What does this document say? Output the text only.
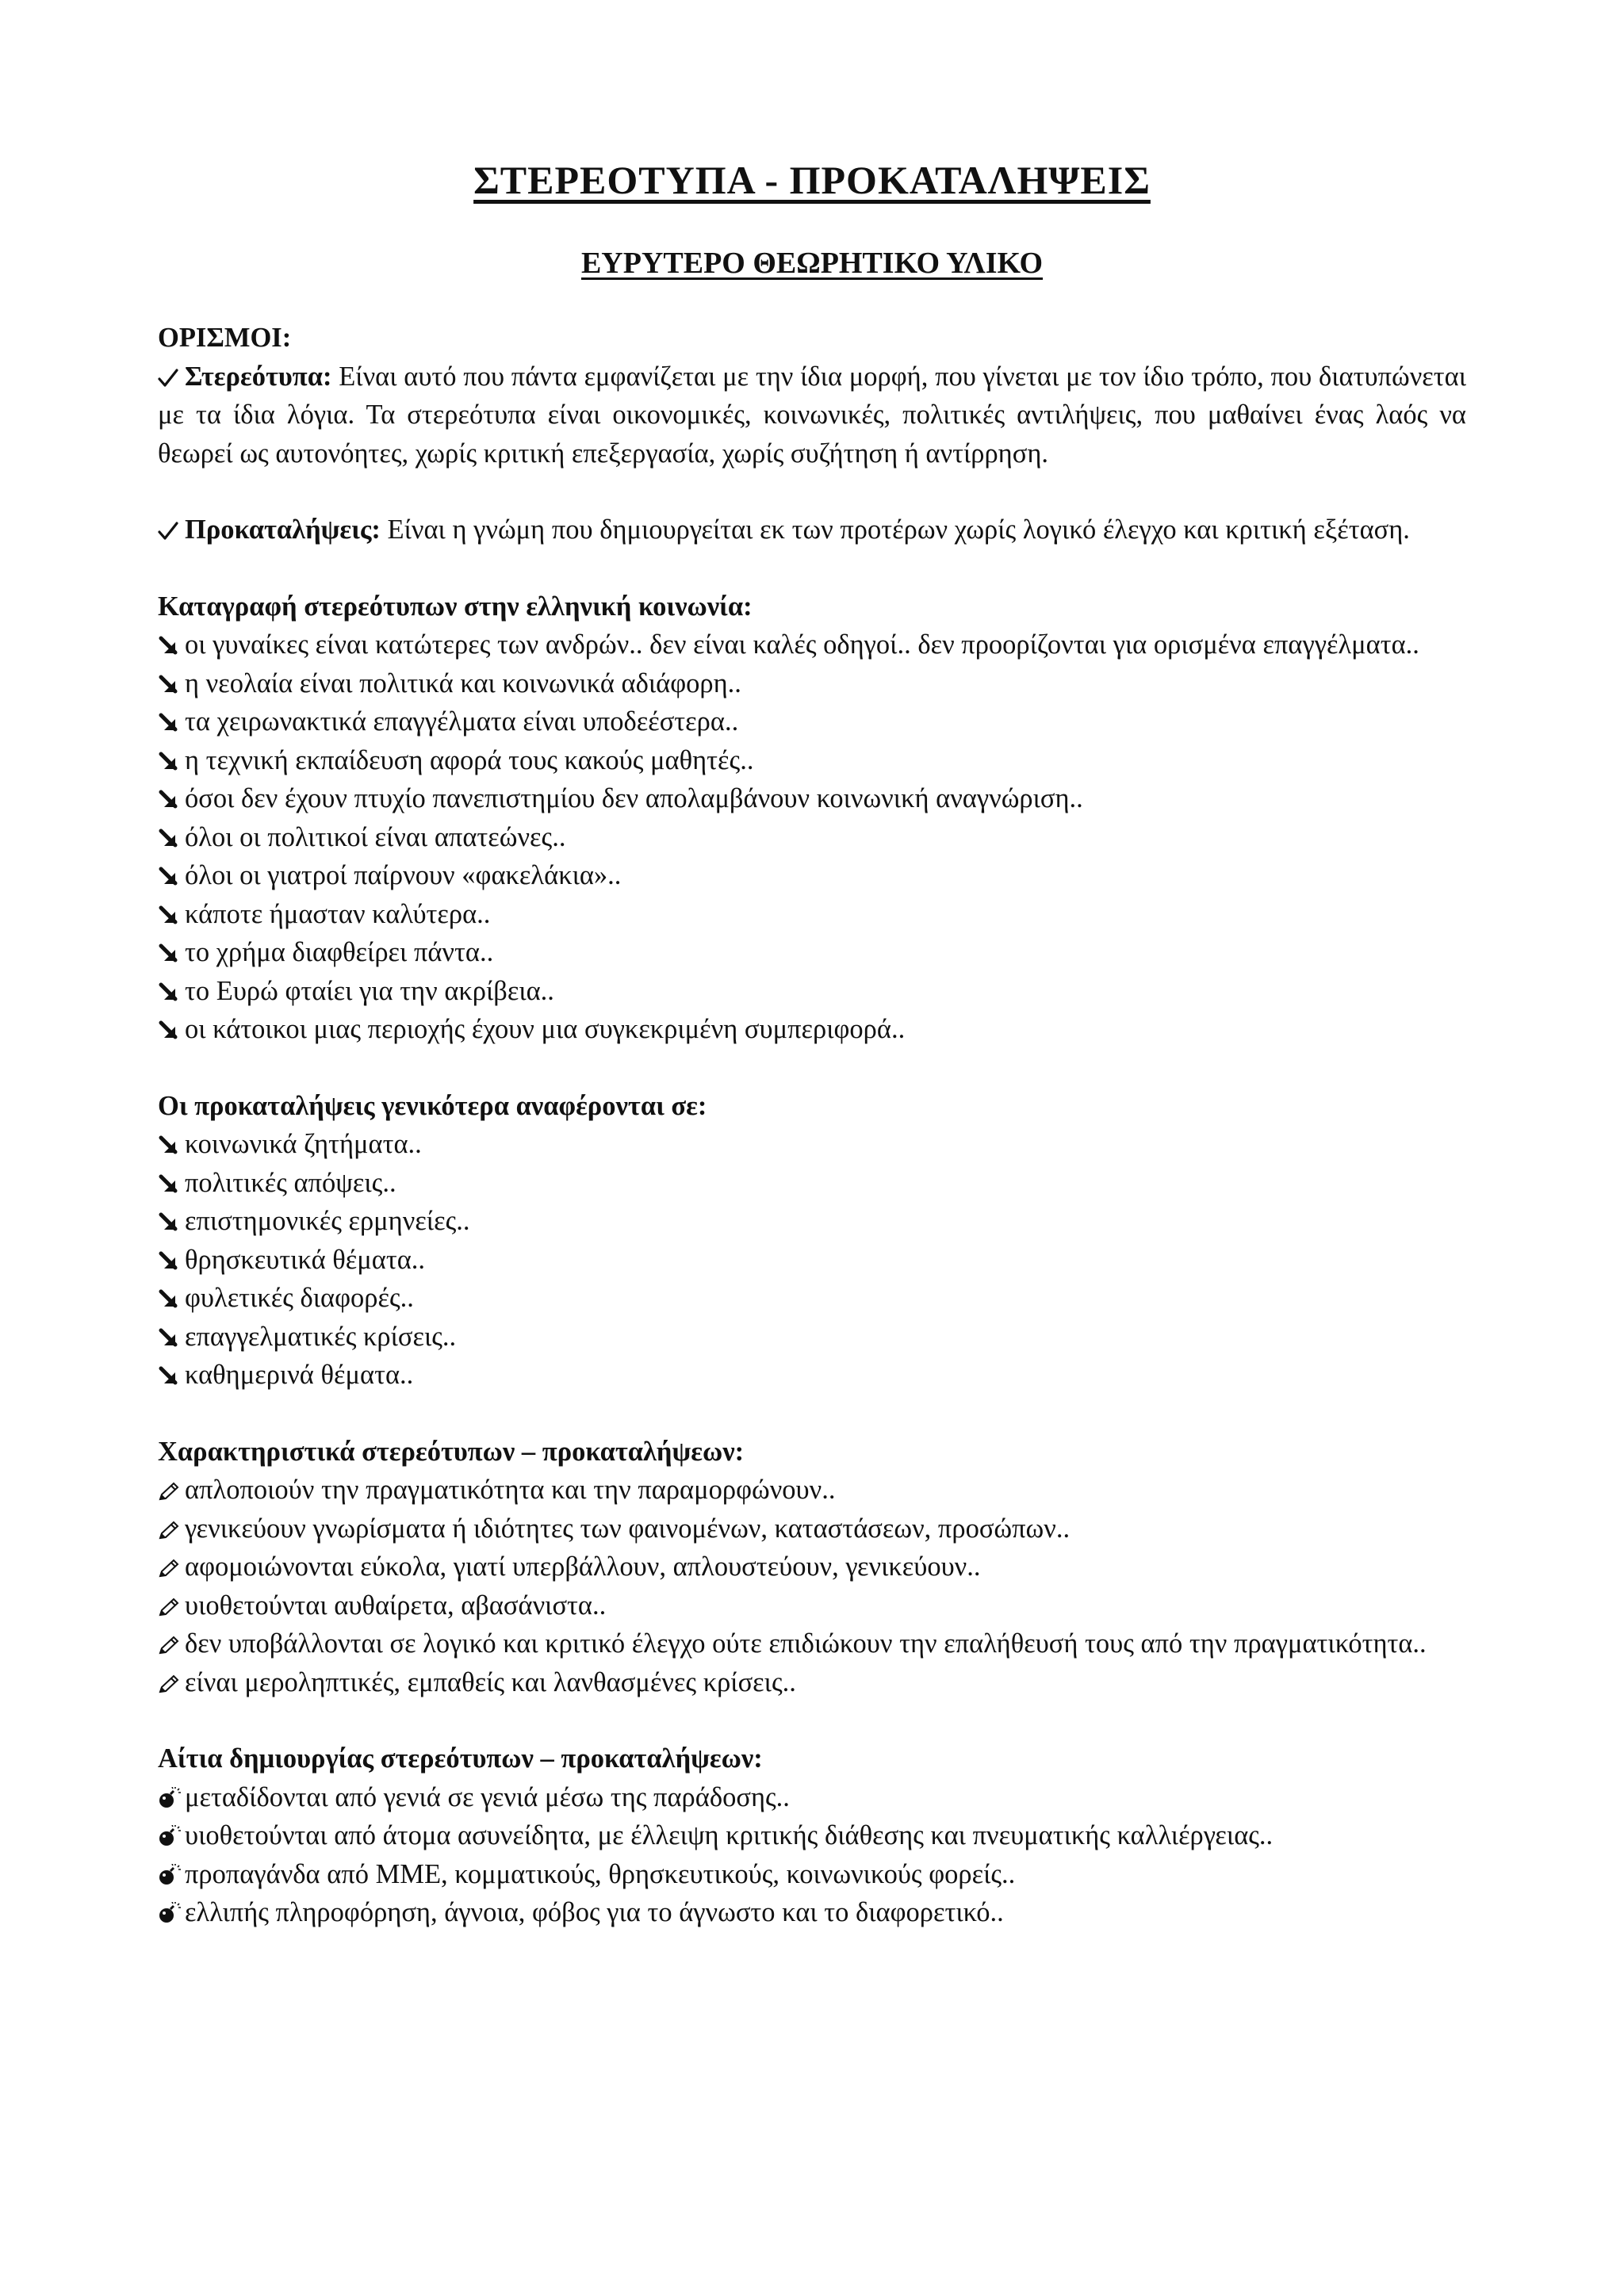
ΣΤΕΡΕΟΤΥΠΑ - ΠΡΟΚΑΤΑΛΗΨΕΙΣ
ΕΥΡΥΤΕΡΟ ΘΕΩΡΗΤΙΚΟ ΥΛΙΚΟ
ΟΡΙΣΜΟΙ:

Στερεότυπα: Είναι αυτό που πάντα εμφανίζεται με την ίδια μορφή, που γίνεται με τον ίδιο τρόπο, που διατυπώνεται με τα ίδια λόγια. Τα στερεότυπα είναι οικονομικές, κοινωνικές, πολιτικές αντιλήψεις, που μαθαίνει ένας λαός να θεωρεί ως αυτονόητες, χωρίς κριτική επεξεργασία, χωρίς συζήτηση ή αντίρρηση.

Προκαταλήψεις: Είναι η γνώμη που δημιουργείται εκ των προτέρων χωρίς λογικό έλεγχο και κριτική εξέταση.

Καταγραφή στερεότυπων στην ελληνική κοινωνία:
οι γυναίκες είναι κατώτερες των ανδρών.. δεν είναι καλές οδηγοί.. δεν προορίζονται για ορισμένα επαγγέλματα..
η νεολαία είναι πολιτικά και κοινωνικά αδιάφορη..
τα χειρωνακτικά επαγγέλματα είναι υποδεέστερα..
η τεχνική εκπαίδευση αφορά τους κακούς μαθητές..
όσοι δεν έχουν πτυχίο πανεπιστημίου δεν απολαμβάνουν κοινωνική αναγνώριση..
όλοι οι πολιτικοί είναι απατεώνες..
όλοι οι γιατροί παίρνουν «φακελάκια»..
κάποτε ήμασταν καλύτερα..
το χρήμα διαφθείρει πάντα..
το Ευρώ φταίει για την ακρίβεια..
οι κάτοικοι μιας περιοχής έχουν μια συγκεκριμένη συμπεριφορά..
Οι προκαταλήψεις γενικότερα αναφέρονται σε:
κοινωνικά ζητήματα..
πολιτικές απόψεις..
επιστημονικές ερμηνείες..
θρησκευτικά θέματα..
φυλετικές διαφορές..
επαγγελματικές κρίσεις..
καθημερινά θέματα..
Χαρακτηριστικά στερεότυπων – προκαταλήψεων:
απλοποιούν την πραγματικότητα και την παραμορφώνουν..
γενικεύουν γνωρίσματα ή ιδιότητες των φαινομένων, καταστάσεων, προσώπων..
αφομοιώνονται εύκολα, γιατί υπερβάλλουν, απλουστεύουν, γενικεύουν..
υιοθετούνται αυθαίρετα, αβασάνιστα..
δεν υποβάλλονται σε λογικό και κριτικό έλεγχο ούτε επιδιώκουν την επαλήθευσή τους από την πραγματικότητα..
είναι μεροληπτικές, εμπαθείς και λανθασμένες κρίσεις..
Αίτια δημιουργίας στερεότυπων – προκαταλήψεων:
μεταδίδονται από γενιά σε γενιά μέσω της παράδοσης..
υιοθετούνται από άτομα ασυνείδητα, με έλλειψη κριτικής διάθεσης και πνευματικής καλλιέργειας..
προπαγάνδα από ΜΜΕ, κομματικούς, θρησκευτικούς, κοινωνικούς φορείς..
ελλιπής πληροφόρηση, άγνοια, φόβος για το άγνωστο και το διαφορετικό..
